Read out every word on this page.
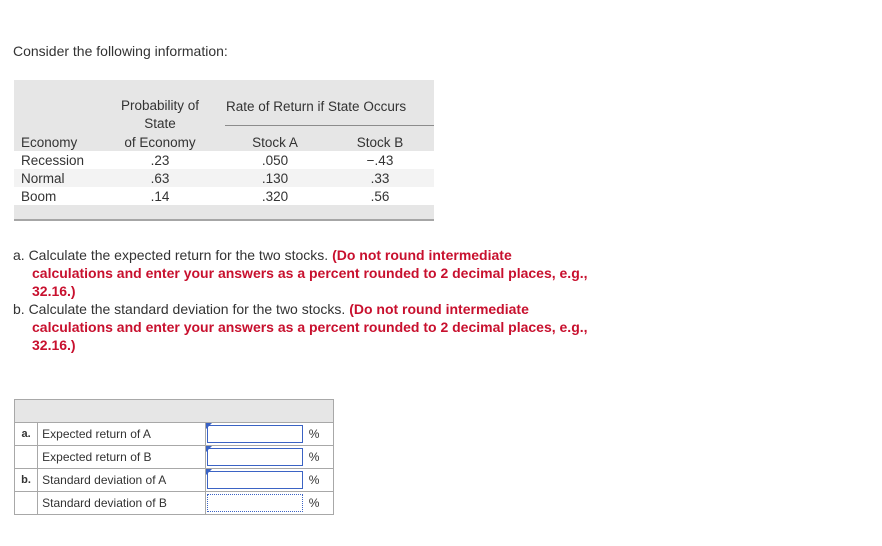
Consider the following information:
Probability of
State
Rate of Return if State Occurs
Economy	of Economy	Stock A	Stock B
Recession	.23	.050	−.43
Normal	.63	.130	.33
Boom	.14	.320	.56
a. Calculate the expected return for the two stocks. (Do not round intermediate
calculations and enter your answers as a percent rounded to 2 decimal places, e.g.,
32.16.)
b. Calculate the standard deviation for the two stocks. (Do not round intermediate
calculations and enter your answers as a percent rounded to 2 decimal places, e.g.,
32.16.)

a.	Expected return of A		%
	Expected return of B		%
b.	Standard deviation of A		%
	Standard deviation of B		%
